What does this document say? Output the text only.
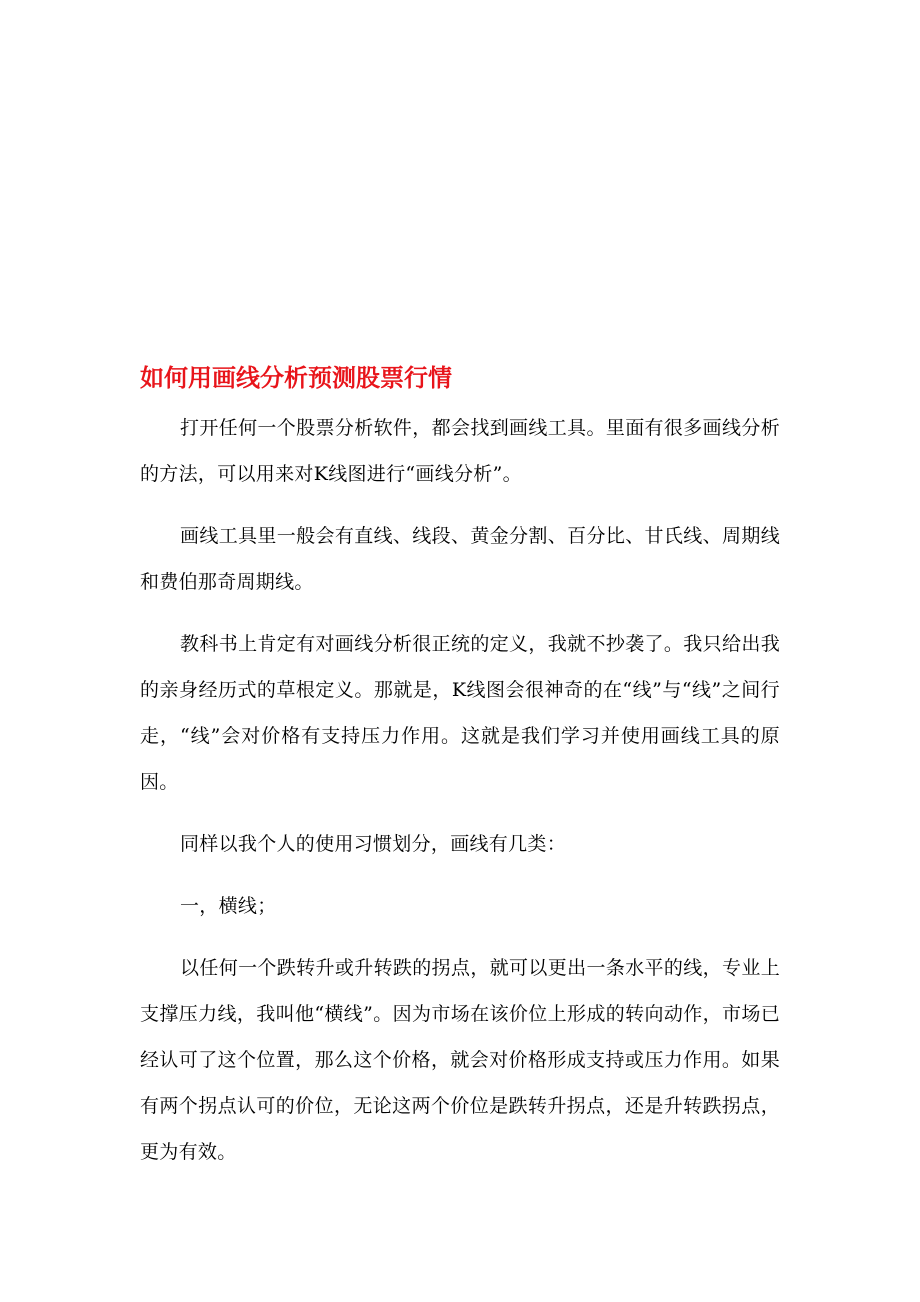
如何用画线分析预测股票行情

打开任何一个股票分析软件，都会找到画线工具。里面有很多画线分析的方法，可以用来对K线图进行“画线分析”。

画线工具里一般会有直线、线段、黄金分割、百分比、甘氏线、周期线和费伯那奇周期线。

教科书上肯定有对画线分析很正统的定义，我就不抄袭了。我只给出我的亲身经历式的草根定义。那就是，K线图会很神奇的在“线”与“线”之间行走，“线”会对价格有支持压力作用。这就是我们学习并使用画线工具的原因。

同样以我个人的使用习惯划分，画线有几类：

一，横线；

以任何一个跌转升或升转跌的拐点，就可以更出一条水平的线，专业上支撑压力线，我叫他“横线”。因为市场在该价位上形成的转向动作，市场已经认可了这个位置，那么这个价格，就会对价格形成支持或压力作用。如果有两个拐点认可的价位，无论这两个价位是跌转升拐点，还是升转跌拐点，更为有效。
